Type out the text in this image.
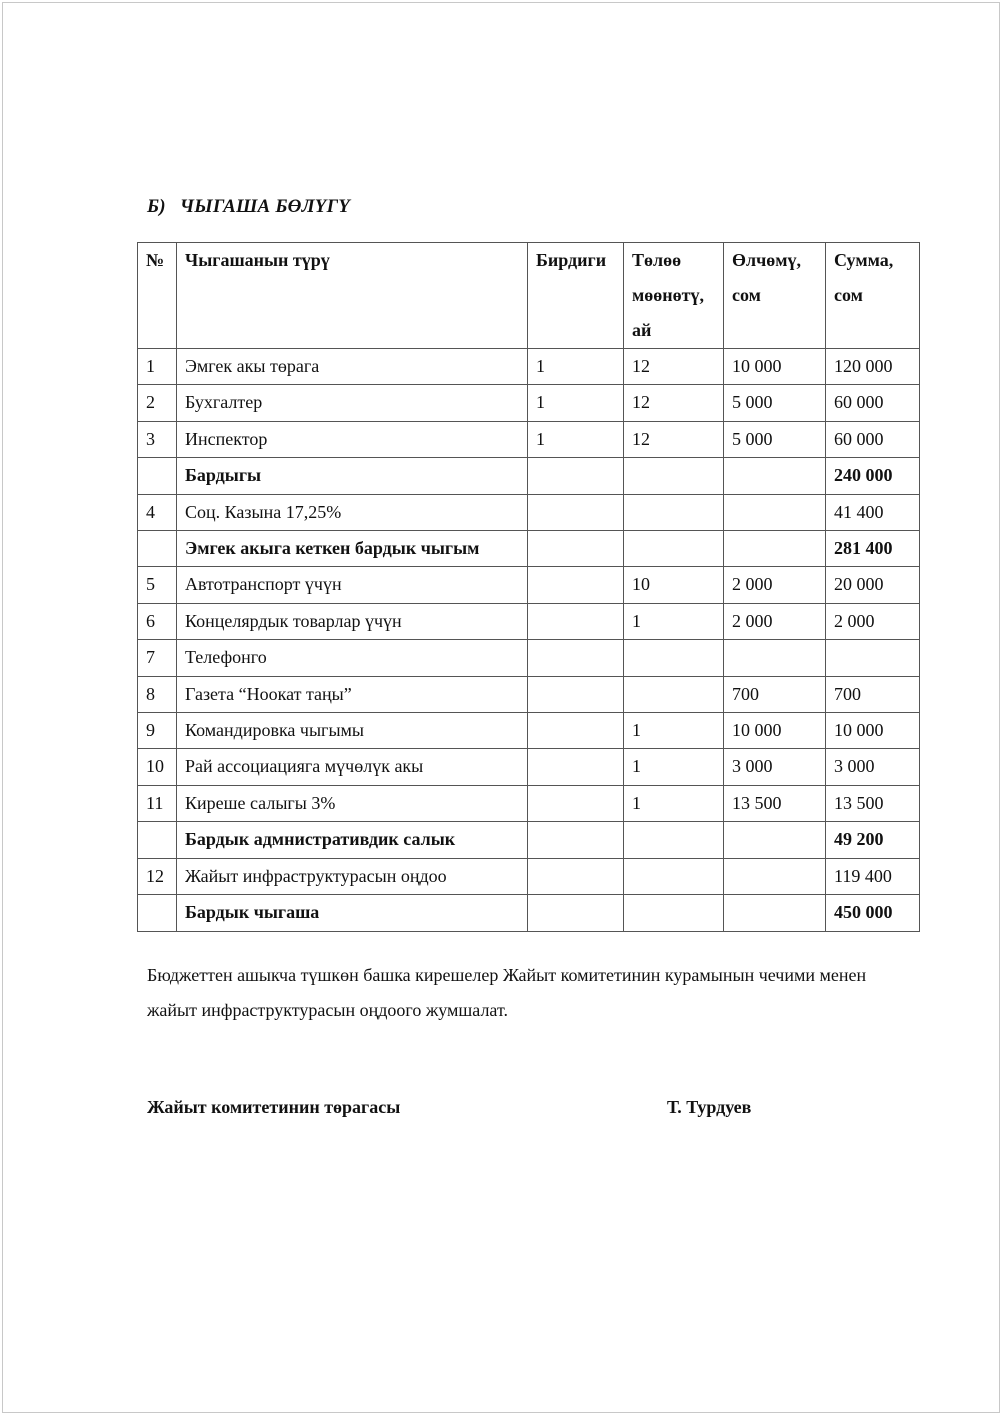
Б) ЧЫГАША БӨЛҮГҮ
№	Чыгашанын түрү	Бирдиги	Төлөө мөөнөтү, ай	Өлчөмү, сом	Сумма, сом
1	Эмгек акы төрага	1	12	10 000	120 000
2	Бухгалтер	1	12	5 000	60 000
3	Инспектор	1	12	5 000	60 000
	Бардыгы				240 000
4	Соц. Казына 17,25%				41 400
	Эмгек акыга кеткен бардык чыгым				281 400
5	Автотранспорт үчүн		10	2 000	20 000
6	Концелярдык товарлар үчүн		1	2 000	2 000
7	Телефонго				
8	Газета “Ноокат таңы”			700	700
9	Командировка чыгымы		1	10 000	10 000
10	Рай ассоциацияга мүчөлүк акы		1	3 000	3 000
11	Киреше салыгы 3%		1	13 500	13 500
	Бардык адмнистративдик салык				49 200
12	Жайыт инфраструктурасын оңдоо				119 400
	Бардык чыгаша				450 000
Бюджеттен ашыкча түшкөн башка кирешелер Жайыт комитетинин курамынын чечими менен жайыт инфраструктурасын оңдоого жумшалат.
Жайыт комитетинин төрагасы	Т. Турдуев
